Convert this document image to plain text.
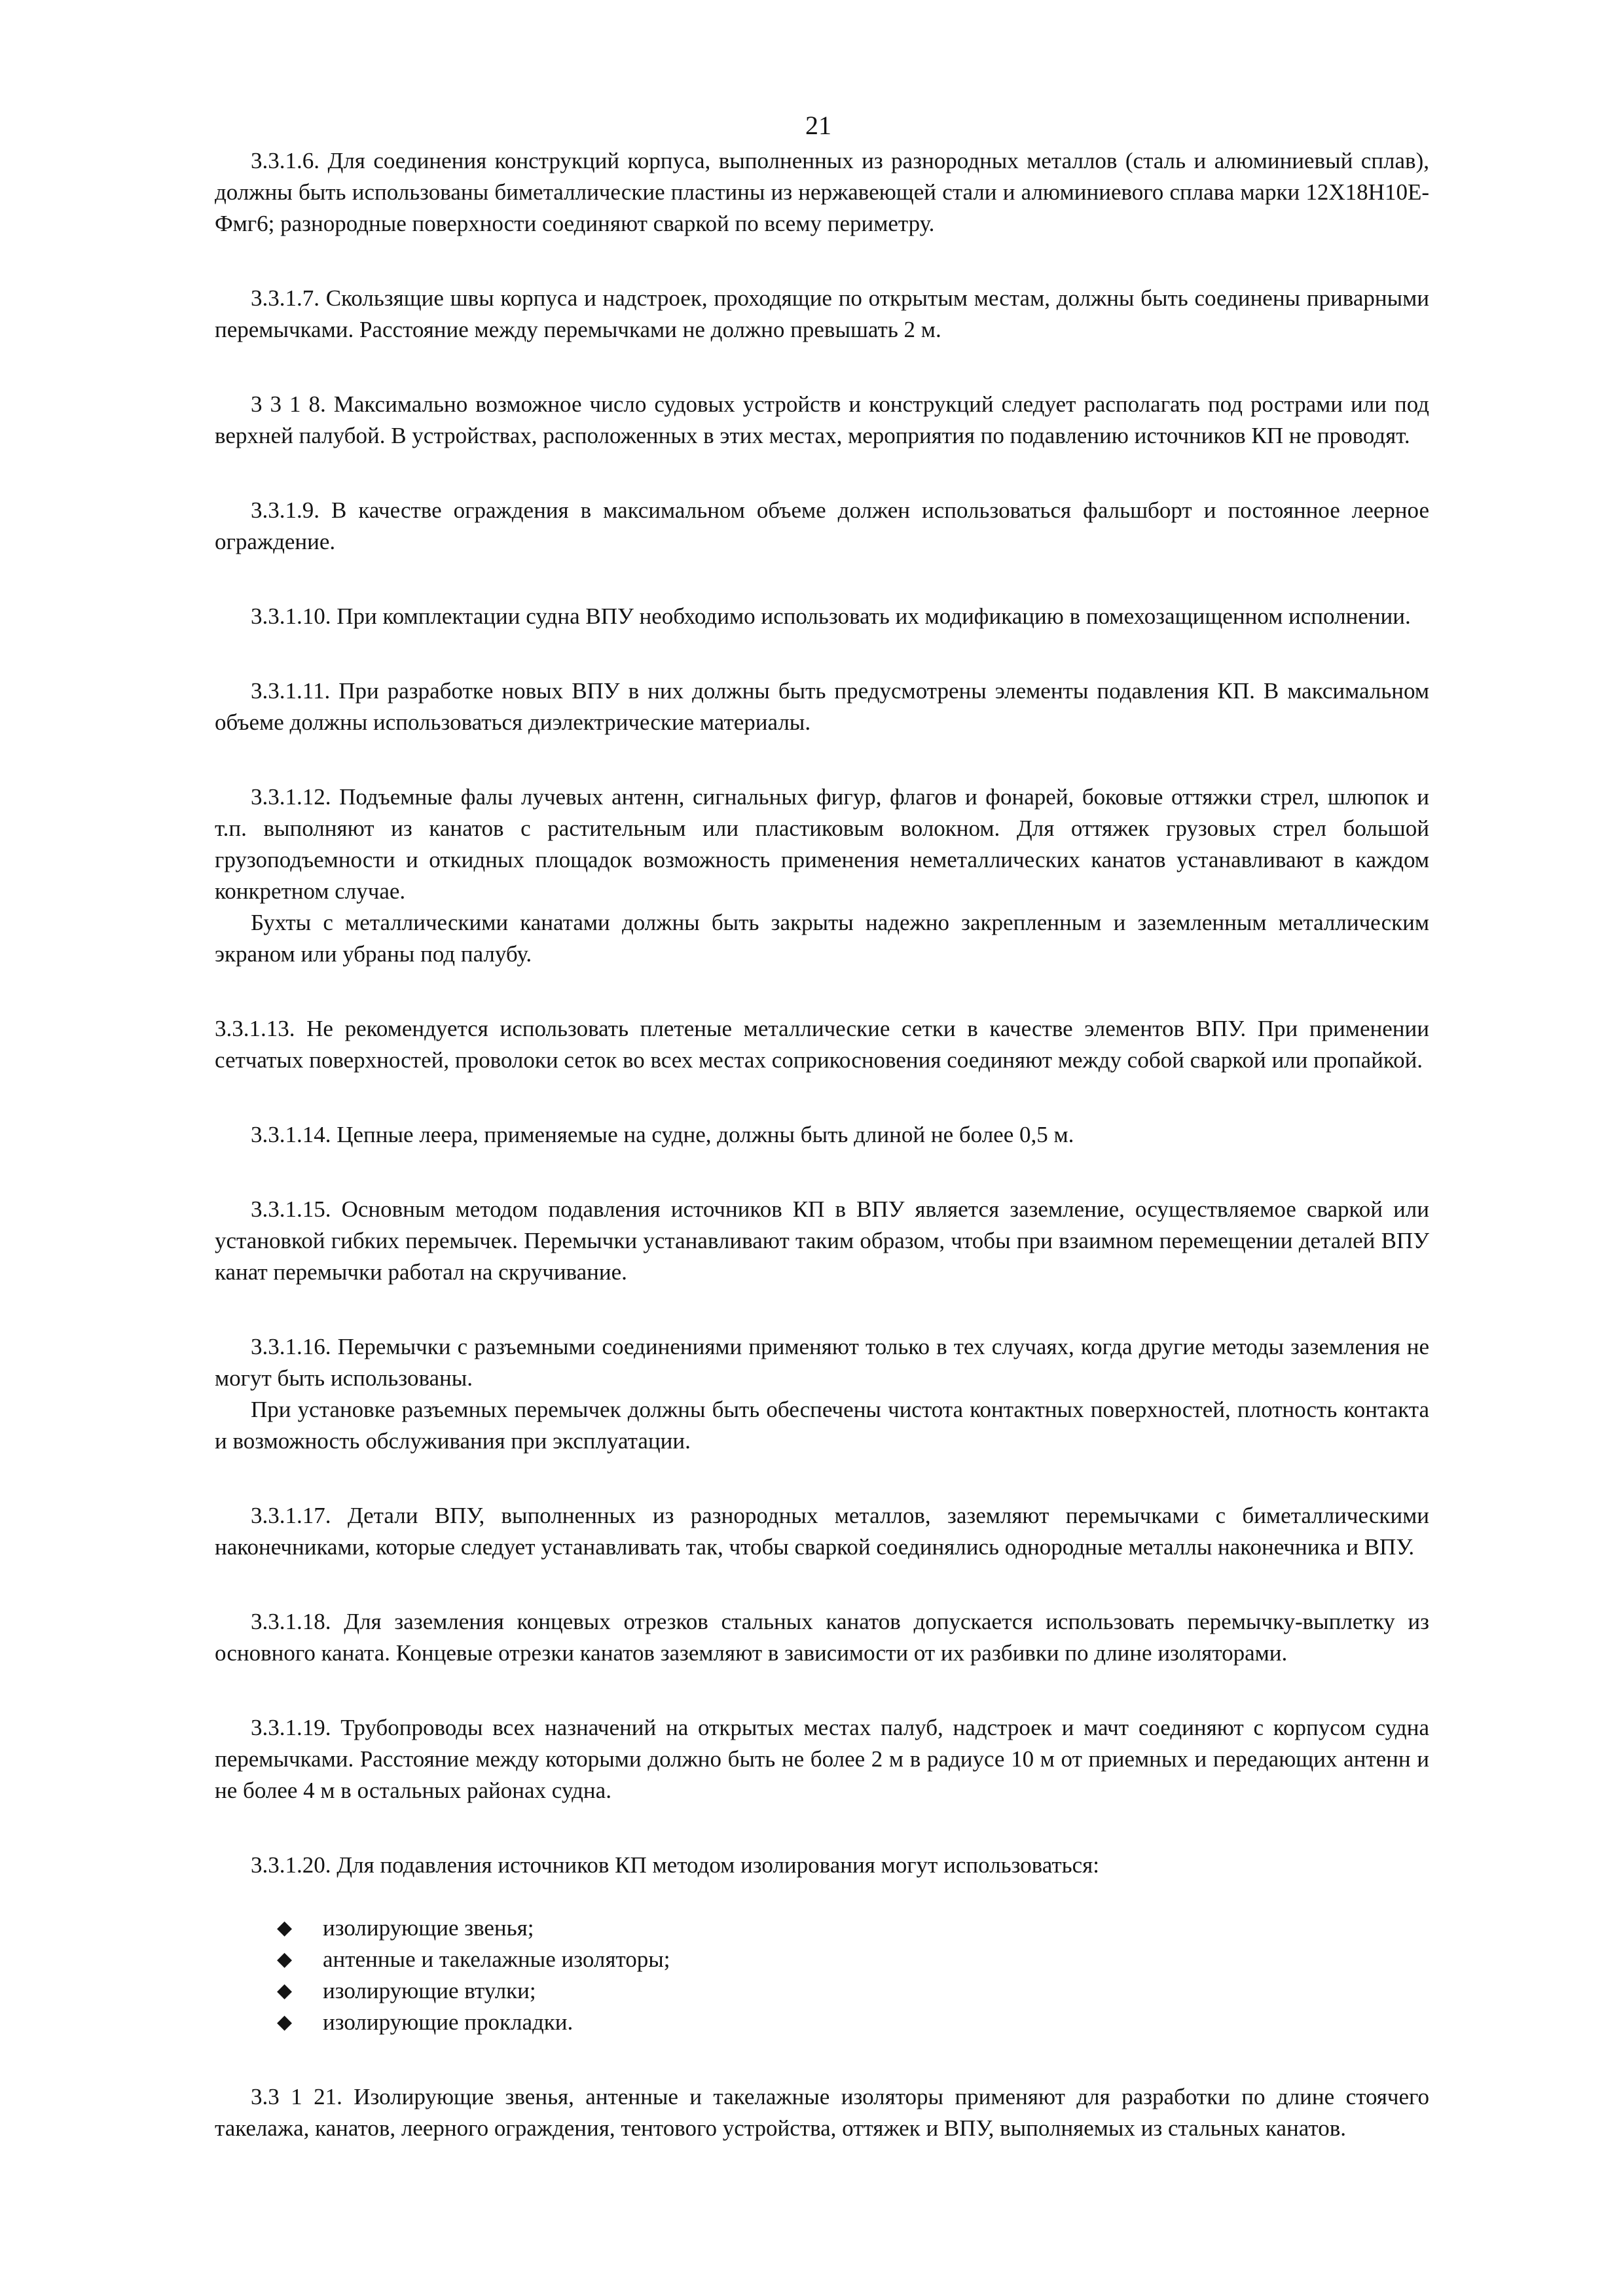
21

3.3.1.6. Для соединения конструкций корпуса, выполненных из разнородных металлов (сталь и алюминиевый сплав), должны быть использованы биметаллические пластины из нержавеющей стали и алюминиевого сплава марки 12Х18Н10Е-Фмг6; разнородные поверхности соединяют сваркой по всему периметру.

3.3.1.7. Скользящие швы корпуса и надстроек, проходящие по открытым местам, должны быть соединены приварными перемычками. Расстояние между перемычками не должно превышать 2 м.

3 3 1 8. Максимально возможное число судовых устройств и конструкций следует располагать под рострами или под верхней палубой. В устройствах, расположенных в этих местах, мероприятия по подавлению источников КП не проводят.

3.3.1.9. В качестве ограждения в максимальном объеме должен использоваться фальшборт и постоянное леерное ограждение.

3.3.1.10. При комплектации судна ВПУ необходимо использовать их модификацию в помехозащищенном исполнении.

3.3.1.11. При разработке новых ВПУ в них должны быть предусмотрены элементы подавления КП. В максимальном объеме должны использоваться диэлектрические материалы.

3.3.1.12. Подъемные фалы лучевых антенн, сигнальных фигур, флагов и фонарей, боковые оттяжки стрел, шлюпок и т.п. выполняют из канатов с растительным или пластиковым волокном. Для оттяжек грузовых стрел большой грузоподъемности и откидных площадок возможность применения неметаллических канатов устанавливают в каждом конкретном случае.

Бухты с металлическими канатами должны быть закрыты надежно закрепленным и заземленным металлическим экраном или убраны под палубу.

3.3.1.13. Не рекомендуется использовать плетеные металлические сетки в качестве элементов ВПУ. При применении сетчатых поверхностей, проволоки сеток во всех местах соприкосновения соединяют между собой сваркой или пропайкой.

3.3.1.14. Цепные леера, применяемые на судне, должны быть длиной не более 0,5 м.

3.3.1.15. Основным методом подавления источников КП в ВПУ является заземление, осуществляемое сваркой или установкой гибких перемычек. Перемычки устанавливают таким образом, чтобы при взаимном перемещении деталей ВПУ канат перемычки работал на скручивание.

3.3.1.16. Перемычки с разъемными соединениями применяют только в тех случаях, когда другие методы заземления не могут быть использованы.

При установке разъемных перемычек должны быть обеспечены чистота контактных поверхностей, плотность контакта и возможность обслуживания при эксплуатации.

3.3.1.17. Детали ВПУ, выполненных из разнородных металлов, заземляют перемычками с биметаллическими наконечниками, которые следует устанавливать так, чтобы сваркой соединялись однородные металлы наконечника и ВПУ.

3.3.1.18. Для заземления концевых отрезков стальных канатов допускается использовать перемычку-выплетку из основного каната. Концевые отрезки канатов заземляют в зависимости от их разбивки по длине изоляторами.

3.3.1.19. Трубопроводы всех назначений на открытых местах палуб, надстроек и мачт соединяют с корпусом судна перемычками. Расстояние между которыми должно быть не более 2 м в радиусе 10 м от приемных и передающих антенн и не более 4 м в остальных районах судна.

3.3.1.20. Для подавления источников КП методом изолирования могут использоваться:

◆ изолирующие звенья;
◆ антенные и такелажные изоляторы;
◆ изолирующие втулки;
◆ изолирующие прокладки.

3.3 1 21. Изолирующие звенья, антенные и такелажные изоляторы применяют для разработки по длине стоячего такелажа, канатов, леерного ограждения, тентового устройства, оттяжек и ВПУ, выполняемых из стальных канатов.
